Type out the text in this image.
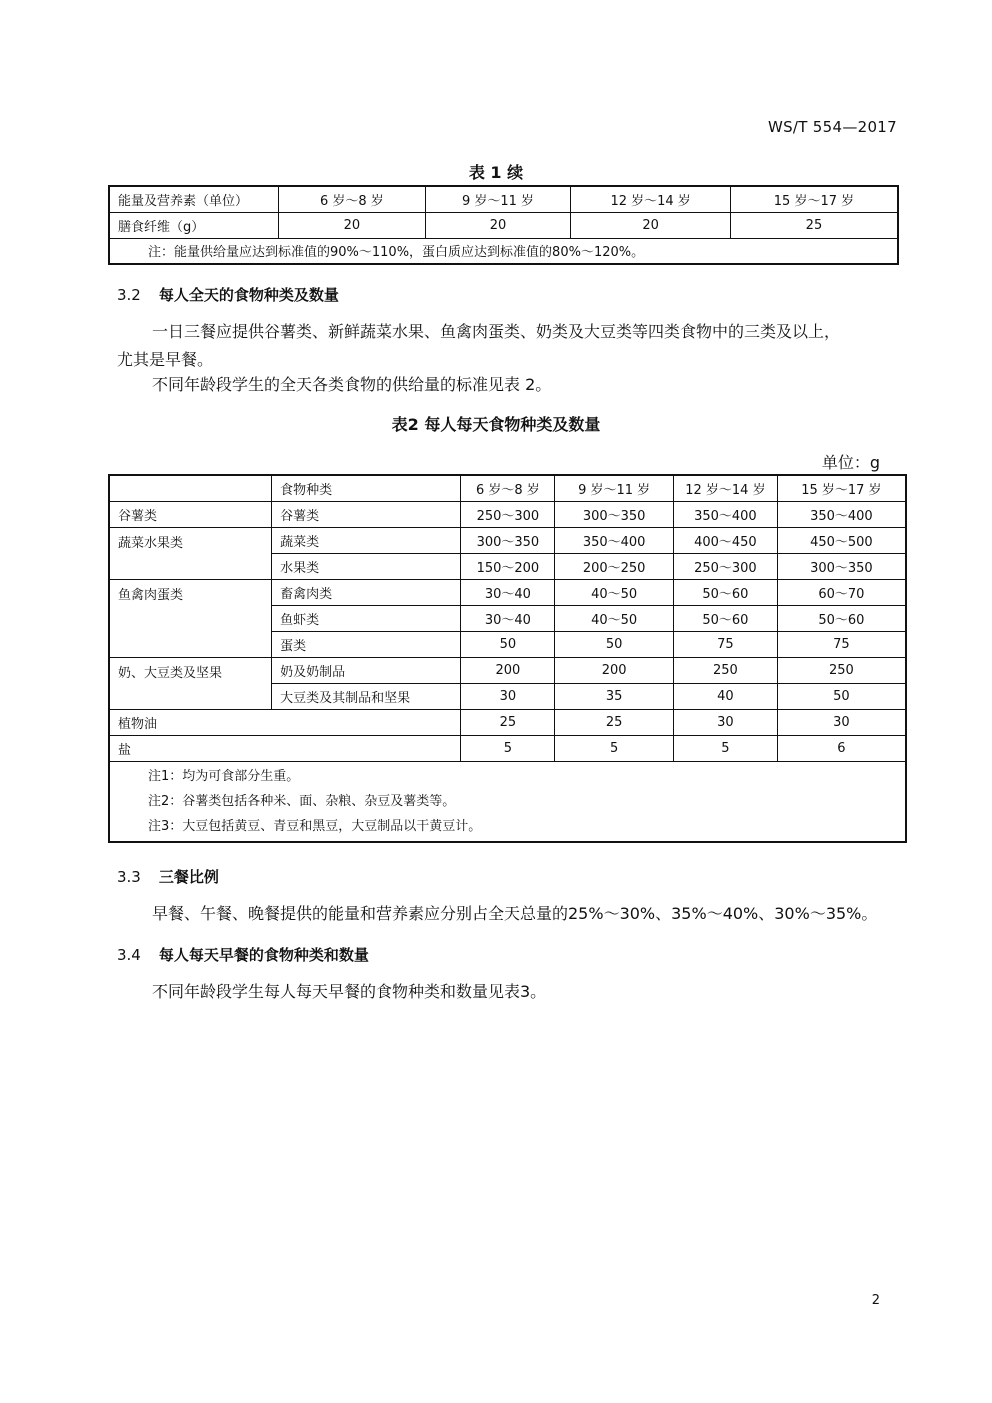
WS/T 554—2017
表 1 续
能量及营养素（单位）	6 岁～8 岁	9 岁～11 岁	12 岁～14 岁	15 岁～17 岁
膳食纤维（g）	20	20	20	25
注：能量供给量应达到标准值的90%～110%，蛋白质应达到标准值的80%～120%。				
3.2 每人全天的食物种类及数量
一日三餐应提供谷薯类、新鲜蔬菜水果、鱼禽肉蛋类、奶类及大豆类等四类食物中的三类及以上，
尤其是早餐。
不同年龄段学生的全天各类食物的供给量的标准见表 2。
表2 每人每天食物种类及数量
单位：g
	食物种类	6 岁～8 岁	9 岁～11 岁	12 岁～14 岁	15 岁～17 岁
谷薯类	谷薯类	250～300	300～350	350～400	350～400
蔬菜水果类	蔬菜类	300～350	350～400	400～450	450～500
	水果类	150～200	200～250	250～300	300～350
鱼禽肉蛋类	畜禽肉类	30～40	40～50	50～60	60～70
	鱼虾类	30～40	40～50	50～60	50～60
	蛋类	50	50	75	75
奶、大豆类及坚果	奶及奶制品	200	200	250	250
	大豆类及其制品和坚果	30	35	40	50
植物油		25	25	30	30
盐		5	5	5	6

注1：均为可食部分生重。
注2：谷薯类包括各种米、面、杂粮、杂豆及薯类等。
注3：大豆包括黄豆、青豆和黑豆，大豆制品以干黄豆计。					
3.3 三餐比例
早餐、午餐、晚餐提供的能量和营养素应分别占全天总量的25%～30%、35%～40%、30%～35%。
3.4 每人每天早餐的食物种类和数量
不同年龄段学生每人每天早餐的食物种类和数量见表3。
2
